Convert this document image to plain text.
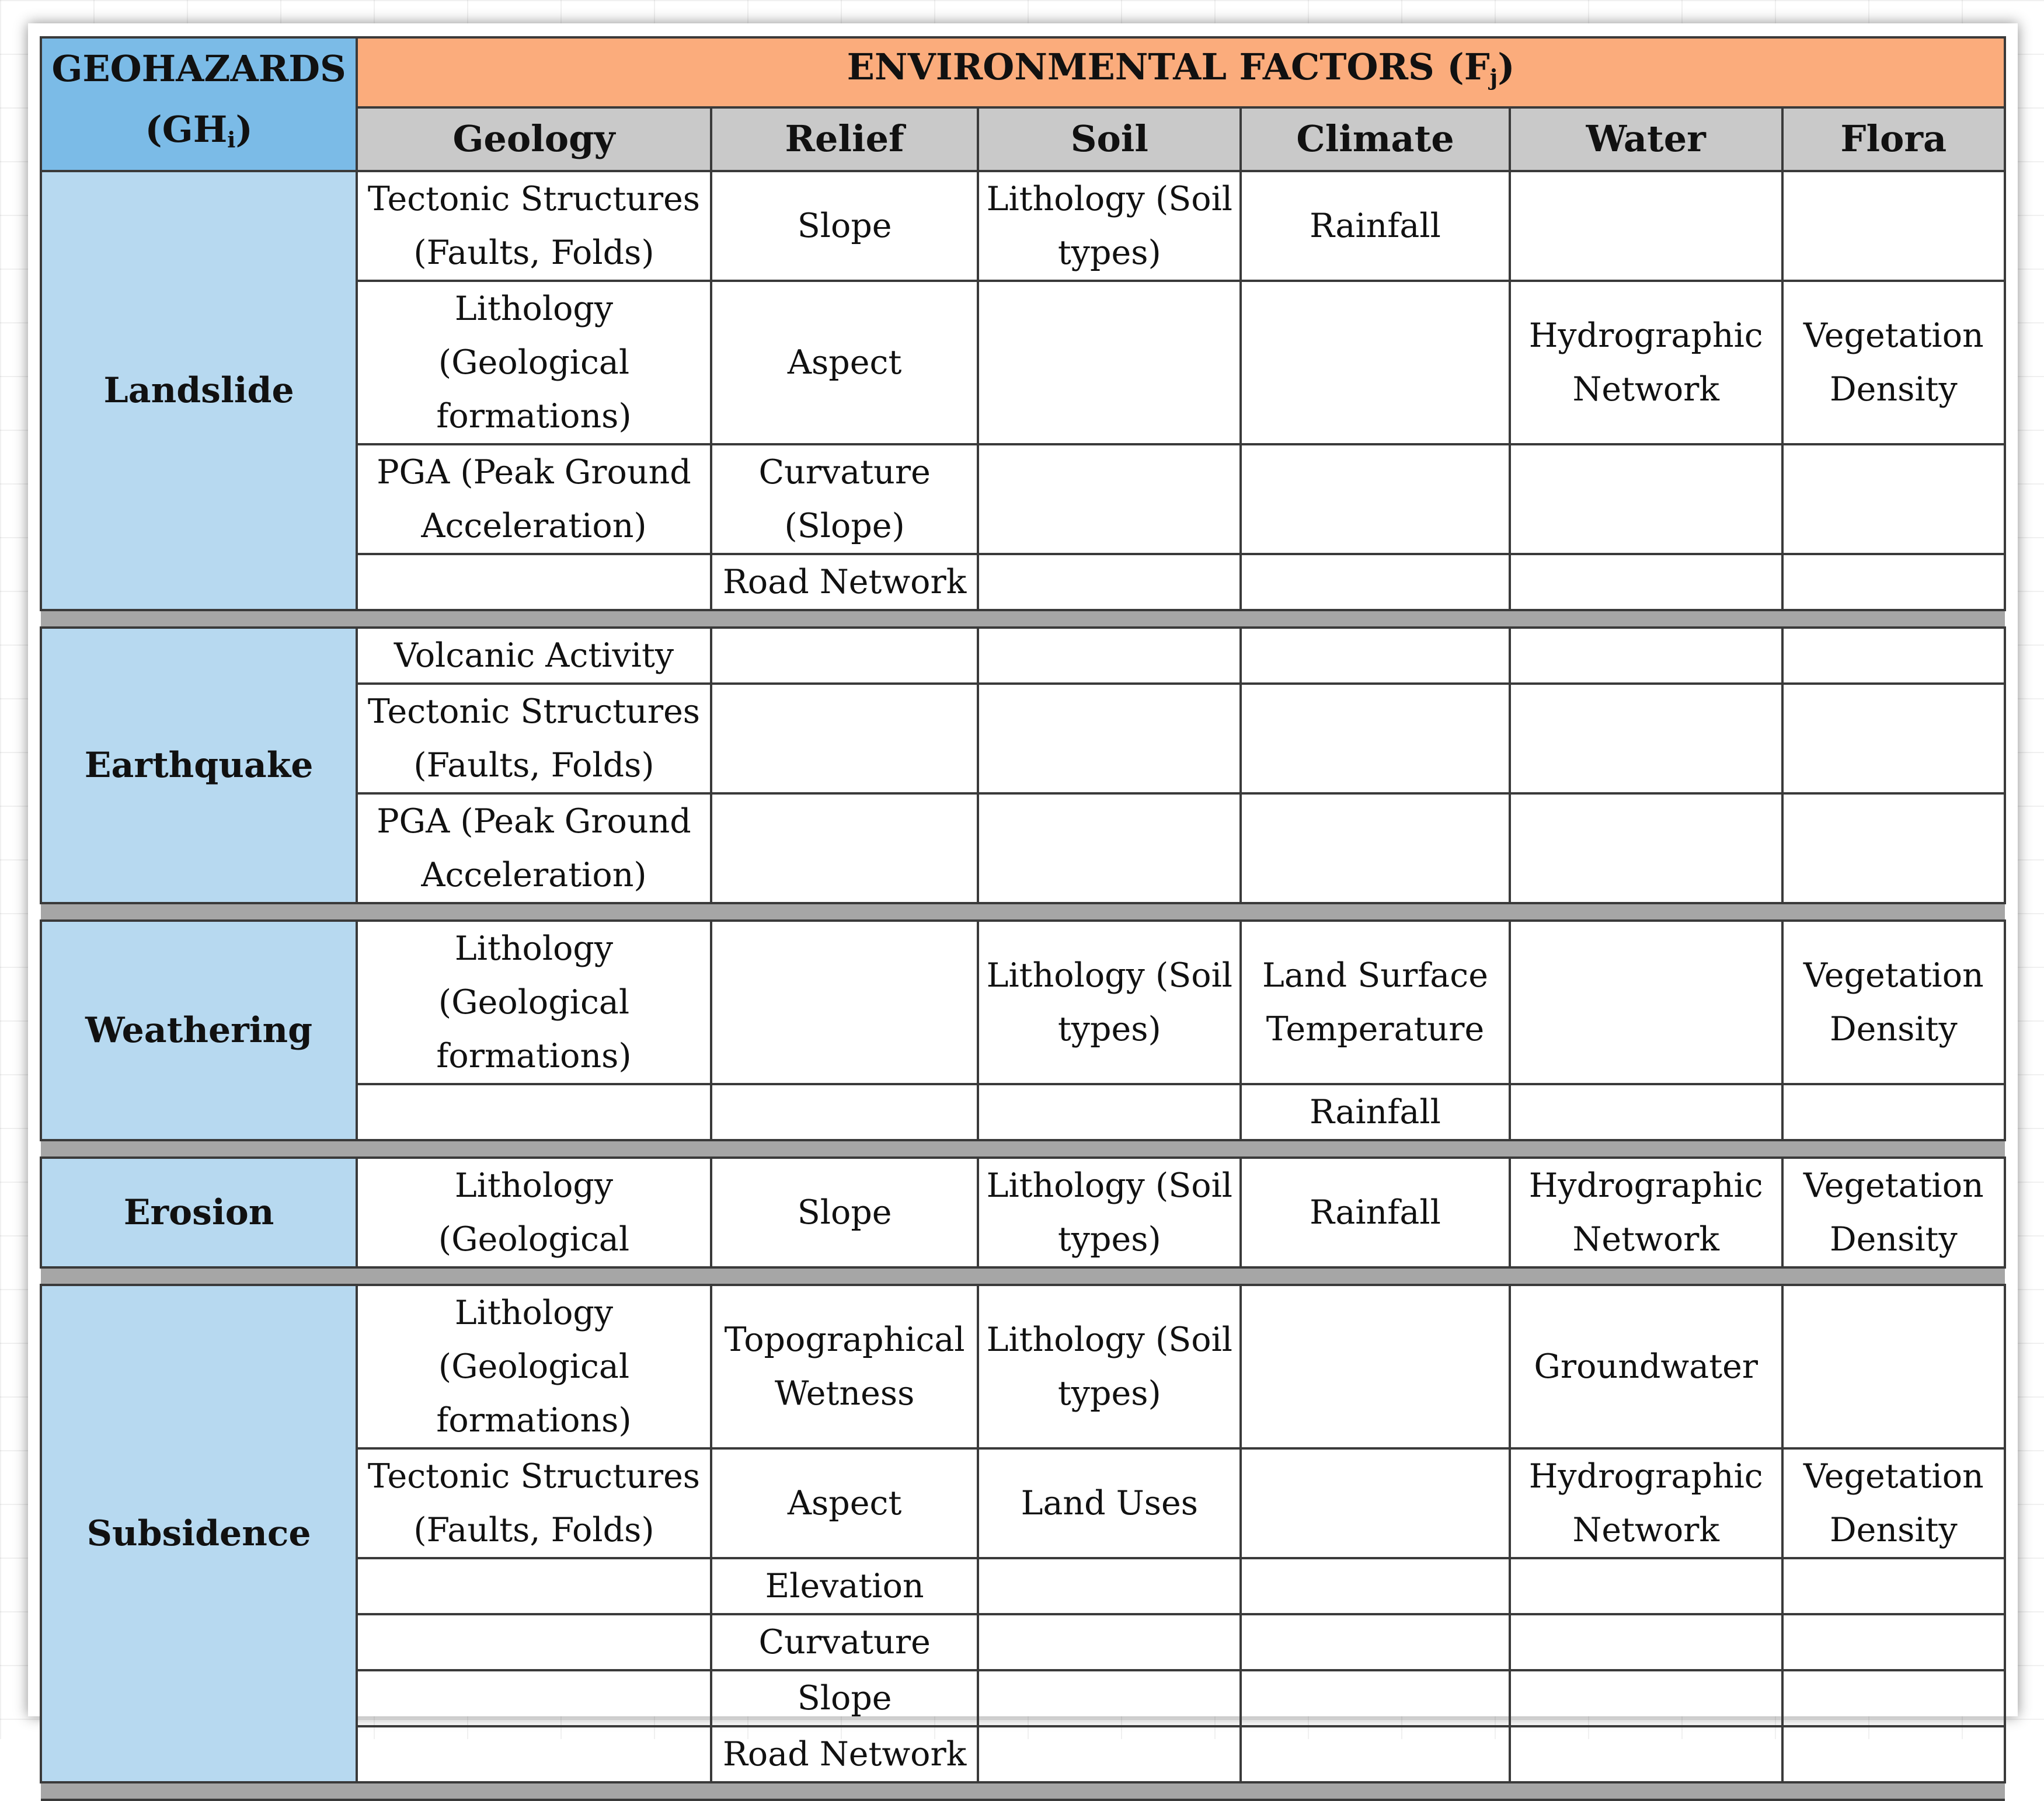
GEOHAZARDS
$(GH_i)$	ENVIRONMENTAL FACTORS $(F_j)$					
	Geology	Relief	Soil	Climate	Water	Flora
Landslide	Tectonic Structures (Faults, Folds)	Slope	Lithology (Soil types)	Rainfall		
	Lithology (Geological formations)	Aspect			Hydrographic Network	Vegetation Density
	PGA (Peak Ground Acceleration)	Curvature (Slope)				
		Road Network				

Earthquake	Volcanic Activity					
	Tectonic Structures (Faults, Folds)					
	PGA (Peak Ground Acceleration)					

Weathering	Lithology (Geological formations)		Lithology (Soil types)	Land Surface Temperature		Vegetation Density
				Rainfall		

Erosion	Lithology (Geological	Slope	Lithology (Soil types)	Rainfall	Hydrographic Network	Vegetation Density

Subsidence	Lithology (Geological formations)	Topographical Wetness	Lithology (Soil types)		Groundwater	
	Tectonic Structures (Faults, Folds)	Aspect	Land Uses		Hydrographic Network	Vegetation Density
		Elevation				
		Curvature				
		Slope				
		Road Network				
